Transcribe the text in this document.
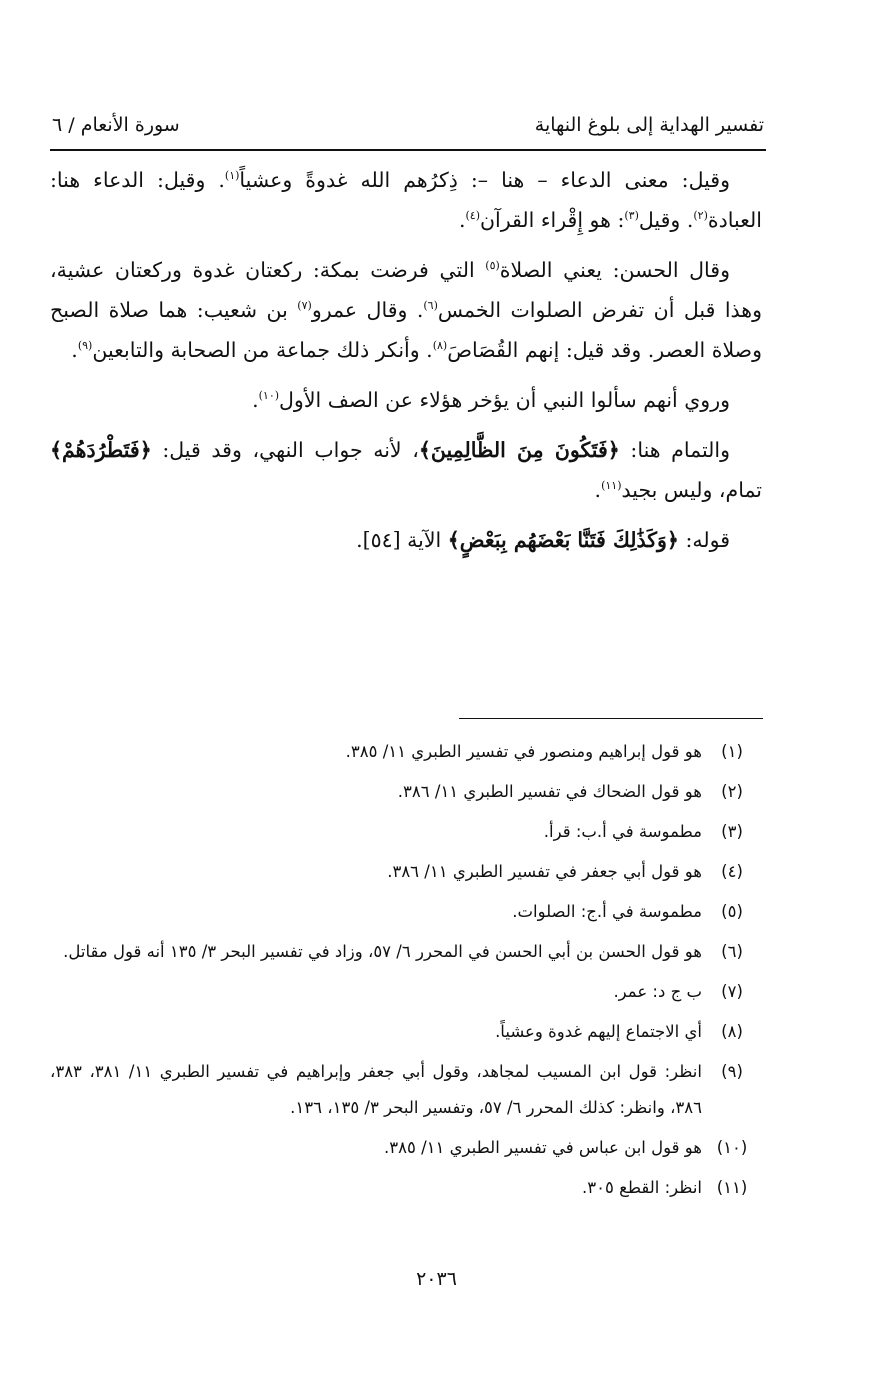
تفسير الهداية إلى بلوغ النهاية
سورة الأنعام / ٦

وقيل: معنى الدعاء – هنا –: ذِكرُهم الله غدوةً وعشياً$^{(١)}$. وقيل: الدعاء هنا: العبادة$^{(٢)}$. وقيل$^{(٣)}$: هو إِقْراء القرآن$^{(٤)}$.

وقال الحسن: يعني الصلاة$^{(٥)}$ التي فرضت بمكة: ركعتان غدوة وركعتان عشية، وهذا قبل أن تفرض الصلوات الخمس$^{(٦)}$. وقال عمرو$^{(٧)}$ بن شعيب: هما صلاة الصبح وصلاة العصر. وقد قيل: إنهم القُصَاصَ$^{(٨)}$. وأنكر ذلك جماعة من الصحابة والتابعين$^{(٩)}$.

وروي أنهم سألوا النبي أن يؤخر هؤلاء عن الصف الأول$^{(١٠)}$.

والتمام هنا: ﴿فَتَكُونَ مِنَ الظَّالِمِينَ﴾، لأنه جواب النهي، وقد قيل: ﴿فَتَطْرُدَهُمْ﴾ تمام، وليس بجيد$^{(١١)}$.

قوله: ﴿وَكَذَٰلِكَ فَتَنَّا بَعْضَهُم بِبَعْضٍ﴾ الآية [٥٤].

(١)
هو قول إبراهيم ومنصور في تفسير الطبري ١١/ ٣٨٥.
(٢)
هو قول الضحاك في تفسير الطبري ١١/ ٣٨٦.
(٣)
مطموسة في أ.ب: قرأ.
(٤)
هو قول أبي جعفر في تفسير الطبري ١١/ ٣٨٦.
(٥)
مطموسة في أ.ج: الصلوات.
(٦)
هو قول الحسن بن أبي الحسن في المحرر ٦/ ٥٧، وزاد في تفسير البحر ٣/ ١٣٥ أنه قول مقاتل.
(٧)
ب ج د: عمر.
(٨)
أي الاجتماع إليهم غدوة وعشياً.
(٩)
انظر: قول ابن المسيب لمجاهد، وقول أبي جعفر وإبراهيم في تفسير الطبري ١١/ ٣٨١، ٣٨٣، ٣٨٦، وانظر: كذلك المحرر ٦/ ٥٧، وتفسير البحر ٣/ ١٣٥، ١٣٦.
(١٠)
هو قول ابن عباس في تفسير الطبري ١١/ ٣٨٥.
(١١)
انظر: القطع ٣٠٥.
٢٠٣٦
